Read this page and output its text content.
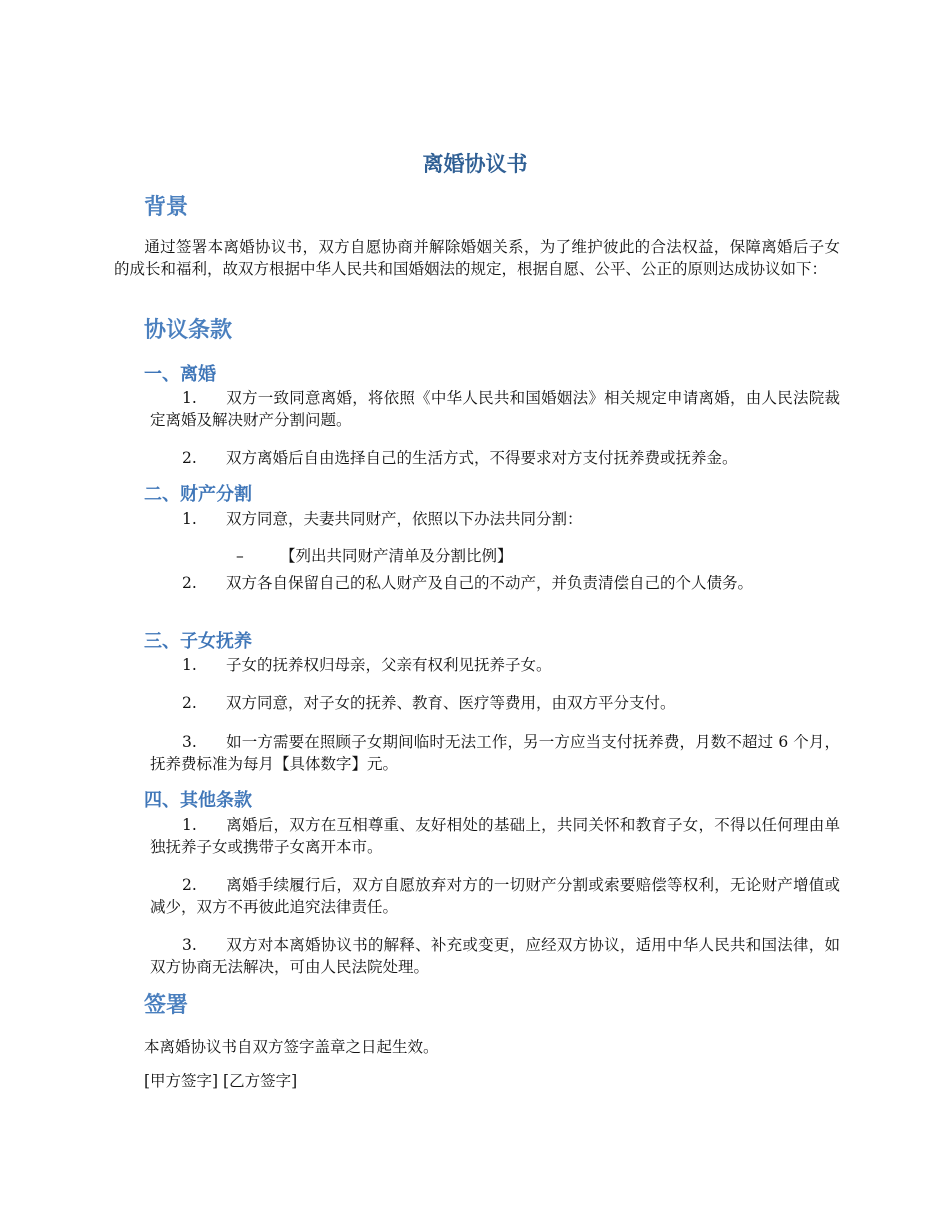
离婚协议书
背景
通过签署本离婚协议书，双方自愿协商并解除婚姻关系，为了维护彼此的合法权益，保障离婚后子女的成长和福利，故双方根据中华人民共和国婚姻法的规定，根据自愿、公平、公正的原则达成协议如下：
协议条款
一、离婚
1. 双方一致同意离婚，将依照《中华人民共和国婚姻法》相关规定申请离婚，由人民法院裁定离婚及解决财产分割问题。
2. 双方离婚后自由选择自己的生活方式，不得要求对方支付抚养费或抚养金。
二、财产分割
1. 双方同意，夫妻共同财产，依照以下办法共同分割：
– 【列出共同财产清单及分割比例】
2. 双方各自保留自己的私人财产及自己的不动产，并负责清偿自己的个人债务。
三、子女抚养
1. 子女的抚养权归母亲，父亲有权利见抚养子女。
2. 双方同意，对子女的抚养、教育、医疗等费用，由双方平分支付。
3. 如一方需要在照顾子女期间临时无法工作，另一方应当支付抚养费，月数不超过 6 个月，抚养费标准为每月【具体数字】元。
四、其他条款
1. 离婚后，双方在互相尊重、友好相处的基础上，共同关怀和教育子女，不得以任何理由单独抚养子女或携带子女离开本市。
2. 离婚手续履行后，双方自愿放弃对方的一切财产分割或索要赔偿等权利，无论财产增值或减少，双方不再彼此追究法律责任。
3. 双方对本离婚协议书的解释、补充或变更，应经双方协议，适用中华人民共和国法律，如双方协商无法解决，可由人民法院处理。
签署
本离婚协议书自双方签字盖章之日起生效。
[甲方签字] [乙方签字]
